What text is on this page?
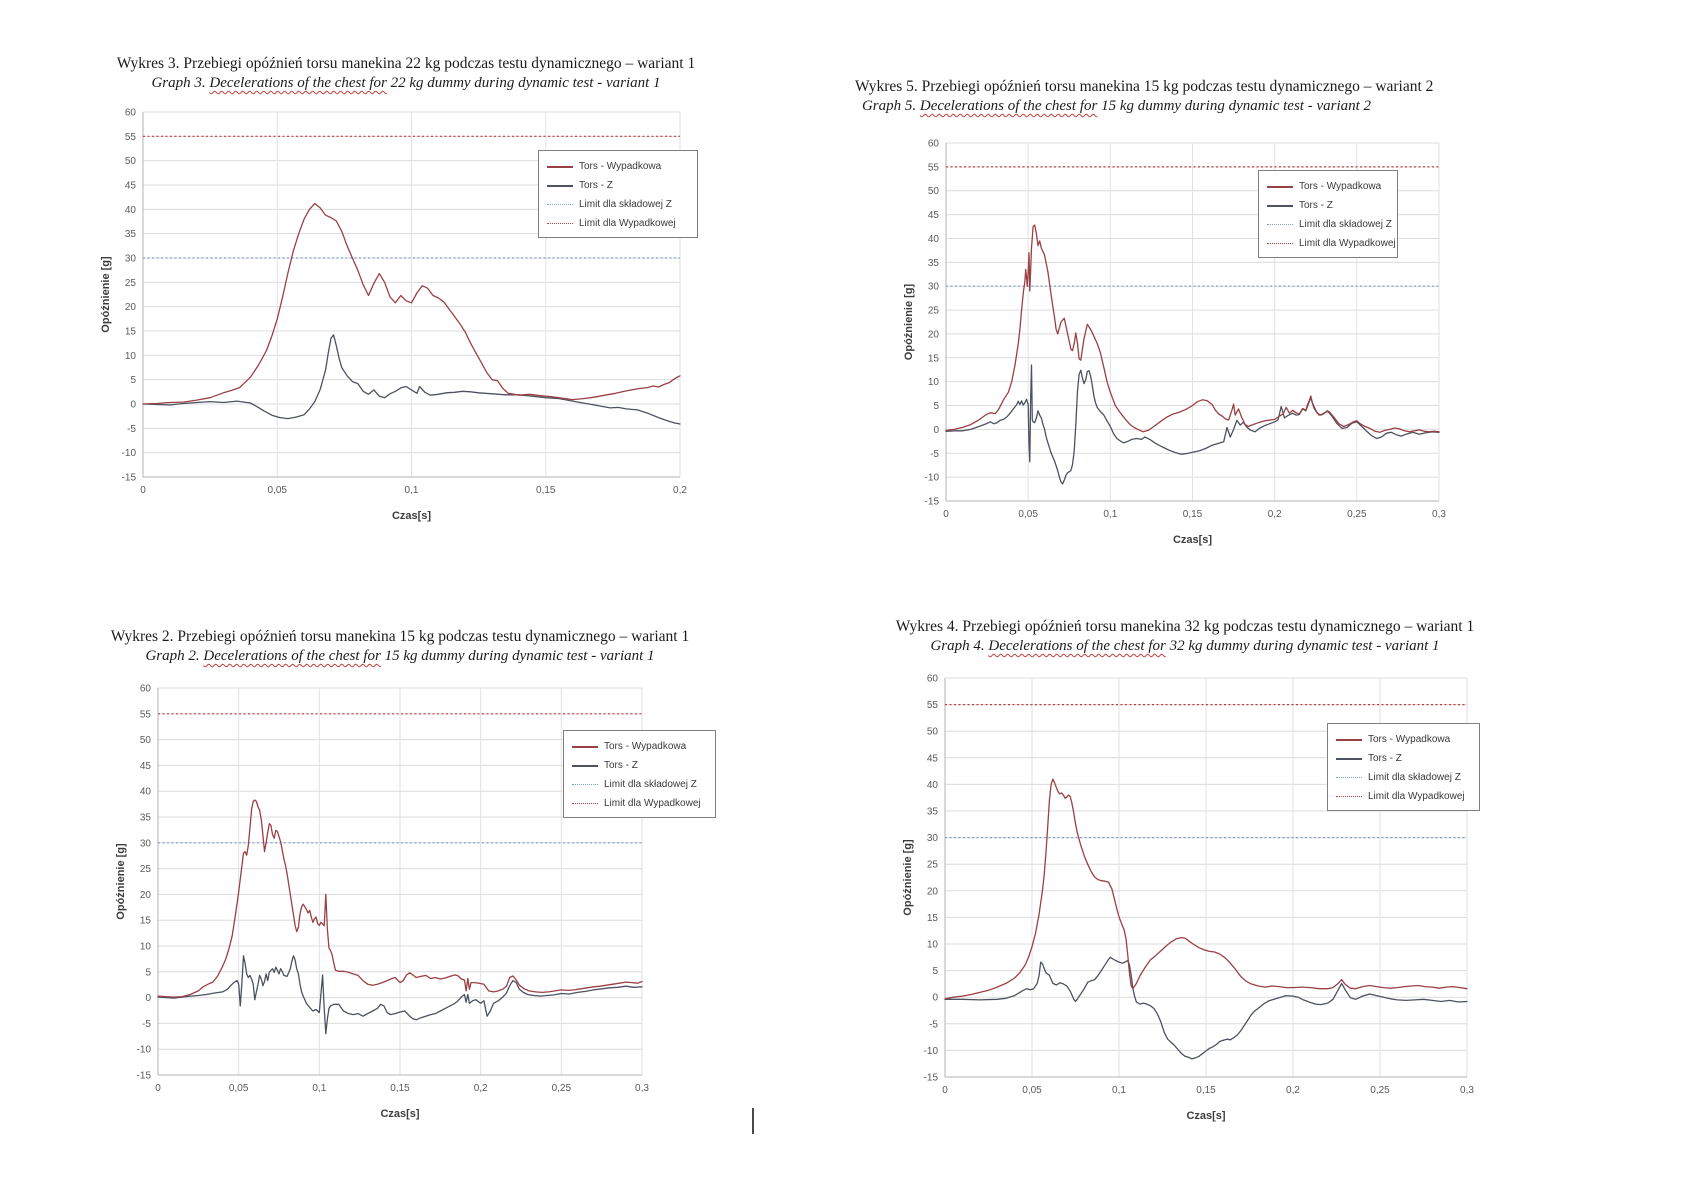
Wykres 3. Przebiegi opóźnień torsu manekina 22 kg podczas testu dynamicznego – wariant 1
Graph 3. Decelerations of the chest for 22 kg dummy during dynamic test - variant 1
60
55
50
45
40
35
30
25
20
15
10
5
0
-5
-10
-15
0	0,05	0,1	0,15	0,2
Czas[s]
Opóźnienie [g]
Tors - Wypadkowa
Tors - Z
Limit dla składowej Z
Limit dla Wypadkowej
Wykres 5. Przebiegi opóźnień torsu manekina 15 kg podczas testu dynamicznego – wariant 2
Graph 5. Decelerations of the chest for 15 kg dummy during dynamic test - variant 2
60
55
50
45
40
35
30
25
20
15
10
5
0
-5
-10
-15
0	0,05	0,1	0,15	0,2	0,25	0,3
Czas[s]
Opóźnienie [g]
Tors - Wypadkowa
Tors - Z
Limit dla składowej Z
Limit dla Wypadkowej
Wykres 2. Przebiegi opóźnień torsu manekina 15 kg podczas testu dynamicznego – wariant 1
Graph 2. Decelerations of the chest for 15 kg dummy during dynamic test - variant 1
60
55
50
45
40
35
30
25
20
15
10
5
0
-5
-10
-15
0	0,05	0,1	0,15	0,2	0,25	0,3
Czas[s]
Opóźnienie [g]
Tors - Wypadkowa
Tors - Z
Limit dla składowej Z
Limit dla Wypadkowej
Wykres 4. Przebiegi opóźnień torsu manekina 32 kg podczas testu dynamicznego – wariant 1
Graph 4. Decelerations of the chest for 32 kg dummy during dynamic test - variant 1
60
55
50
45
40
35
30
25
20
15
10
5
0
-5
-10
-15
0	0,05	0,1	0,15	0,2	0,25	0,3
Czas[s]
Opóźnienie [g]
Tors - Wypadkowa
Tors - Z
Limit dla składowej Z
Limit dla Wypadkowej
